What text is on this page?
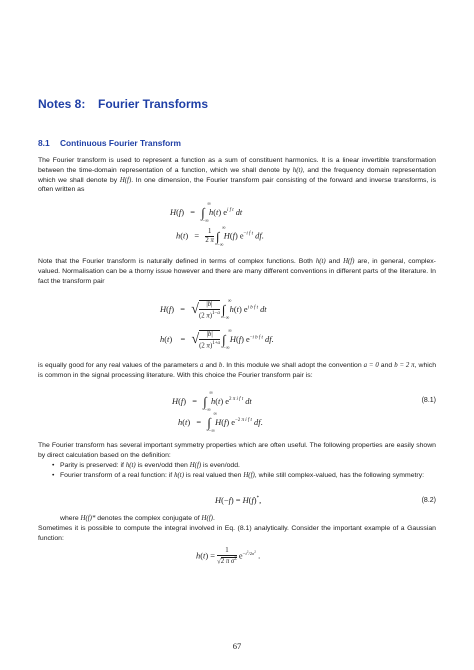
Notes 8: Fourier Transforms
8.1 Continuous Fourier Transform
The Fourier transform is used to represent a function as a sum of constituent harmonics. It is a linear invertible transformation between the time-domain representation of a function, which we shall denote by h(t), and the frequency domain representation which we shall denote by H(f). In one dimension, the Fourier transform pair consisting of the forward and inverse transforms, is often written as
H(f)   =   ∫
∞
−∞
h(t) $e^{i f t}$ dt
$h(t) = \frac{1}{2 \pi}$ ∫
∞
−∞
H(f) $e^{-i f t}$ df.
Note that the Fourier transform is naturally defined in terms of complex functions. Both h(t) and H(f) are, in general, complex-valued. Normalisation can be a thorny issue however and there are many different conventions in different parts of the literature. In fact the transform pair
H(f)   =   √ $\frac{|b|}{(2 \pi)^{1-a}}$ ∫
∞
−∞
h(t) $e^{i b f t}$ dt
h(t)    =   √ $\frac{|b|}{(2 \pi)^{1+a}}$ ∫
∞
−∞
H(f) $e^{-i b f t}$ df.
is equally good for any real values of the parameters a and b. In this module we shall adopt the convention a = 0 and b = 2 π, which is common in the signal processing literature. With this choice the Fourier transform pair is:
H(f)   =   ∫
∞
−∞
h(t) $e^{2 \pi i f t}$ dt	(8.1)
h(t)   =   ∫
∞
−∞
H(f) $e^{-2 \pi i f t}$ df.
The Fourier transform has several important symmetry properties which are often useful. The following properties are easily shown by direct calculation based on the definition:
• Parity is preserved: if h(t) is even/odd then H(f) is even/odd.
• Fourier transform of a real function: if h(t) is real valued then H(f), while still complex-valued, has the following symmetry:
H(−f) = H(f)*,	(8.2)
where H(f)* denotes the complex conjugate of H(f).
Sometimes it is possible to compute the integral involved in Eq. (8.1) analytically. Consider the important example of a Gaussian function:
$h(t) = \frac{1}{√2 \pi \sigma^2} e^{-t^2/2\sigma^2}$ .
67
